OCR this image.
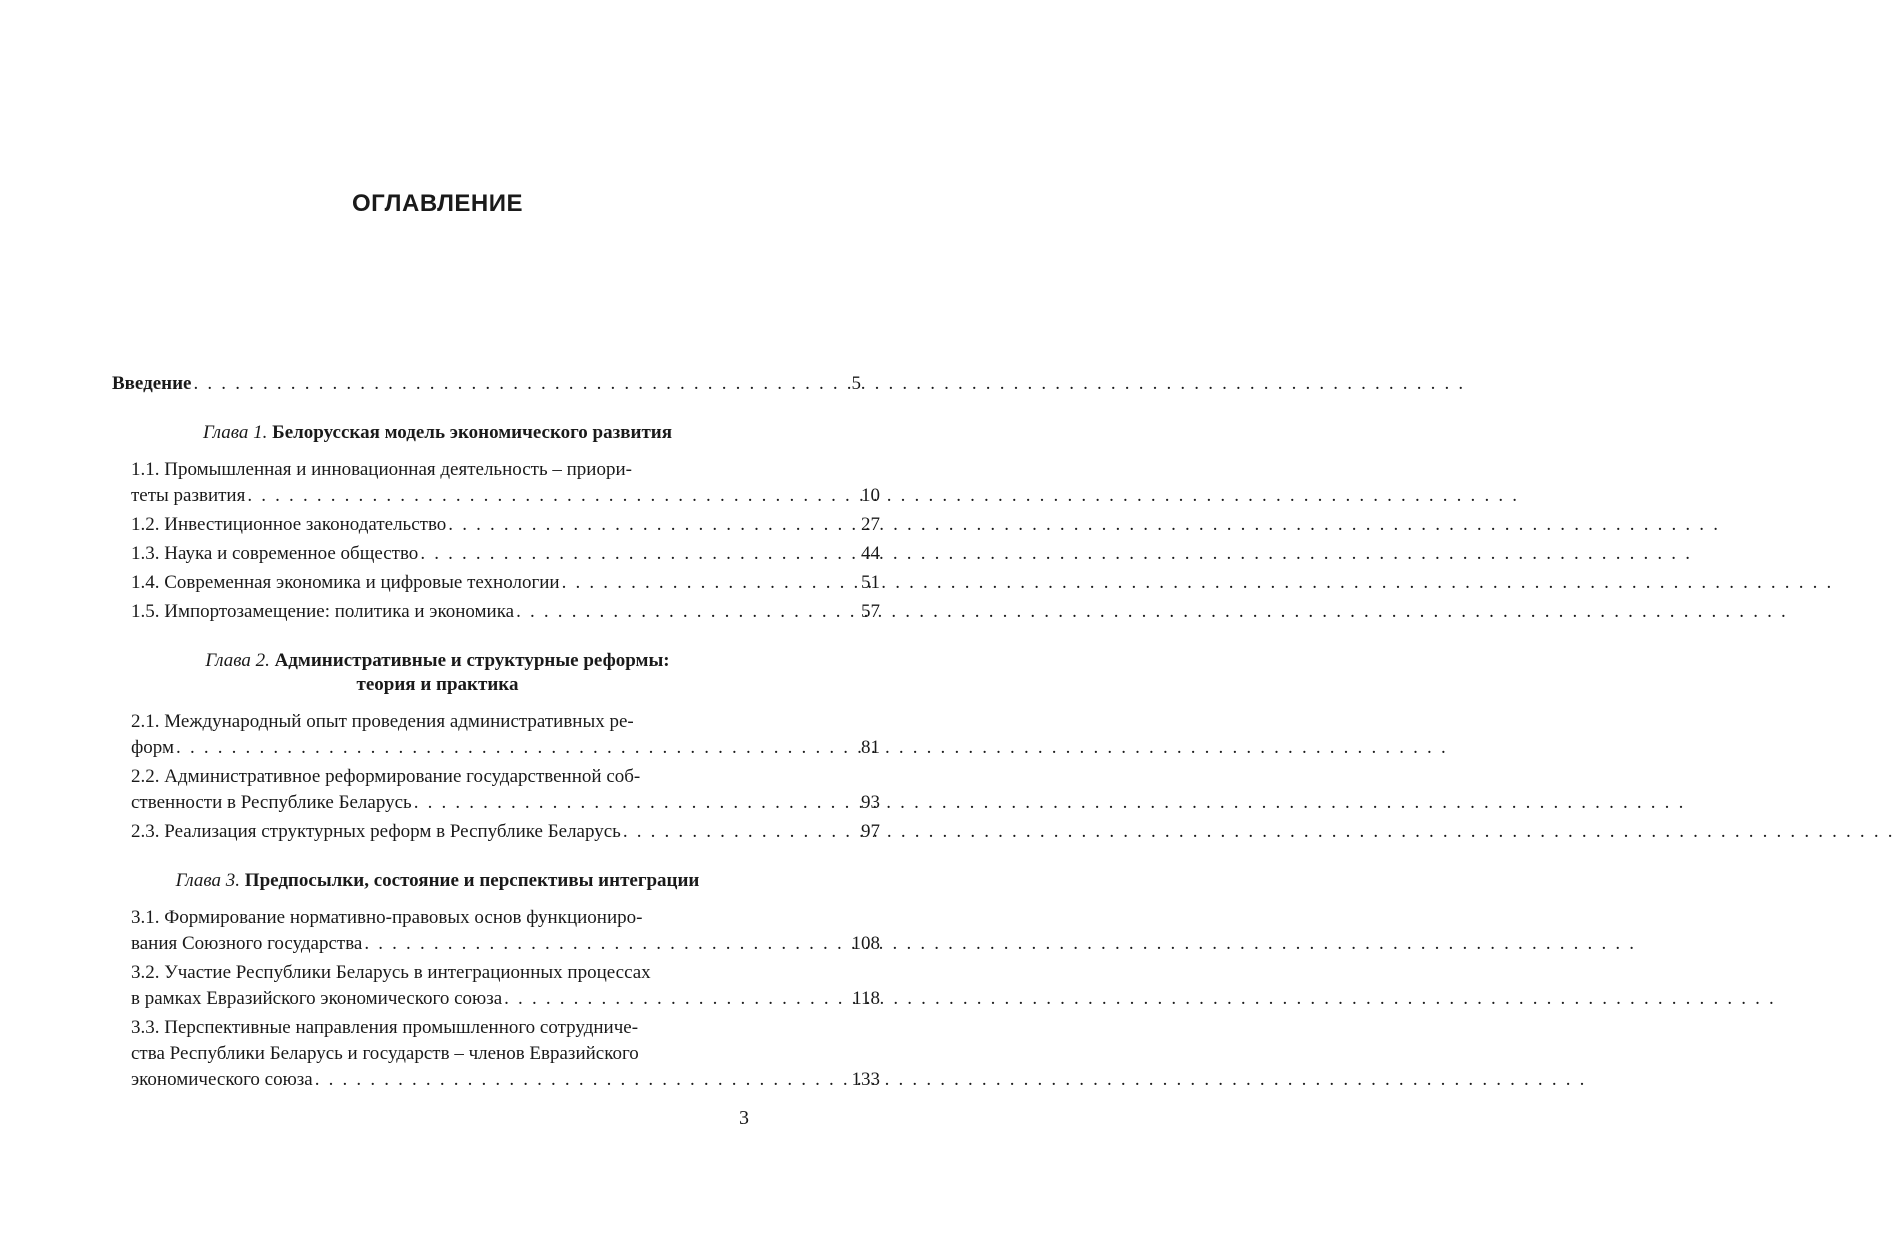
ОГЛАВЛЕНИЕ
Введение . . .	5
Глава 1. Белорусская модель экономического развития
1.1. Промышленная и инновационная деятельность – приори-
теты развития . . .	10
1.2. Инвестиционное законодательство . . .	27
1.3. Наука и современное общество . . .	44
1.4. Современная экономика и цифровые технологии . . .	51
1.5. Импортозамещение: политика и экономика . . .	57
Глава 2. Административные и структурные реформы:
теория и практика
2.1. Международный опыт проведения административных ре-
форм . . .	81
2.2. Административное реформирование государственной соб-
ственности в Республике Беларусь . . .	93
2.3. Реализация структурных реформ в Республике Беларусь . . .	97
Глава 3. Предпосылки, состояние и перспективы интеграции
3.1. Формирование нормативно-правовых основ функциониро-
вания Союзного государства . . .	108
3.2. Участие Республики Беларусь в интеграционных процессах
в рамках Евразийского экономического союза . . .	118
3.3. Перспективные направления промышленного сотрудниче-
ства Республики Беларусь и государств – членов Евразийского
экономического союза . . .	133
3
